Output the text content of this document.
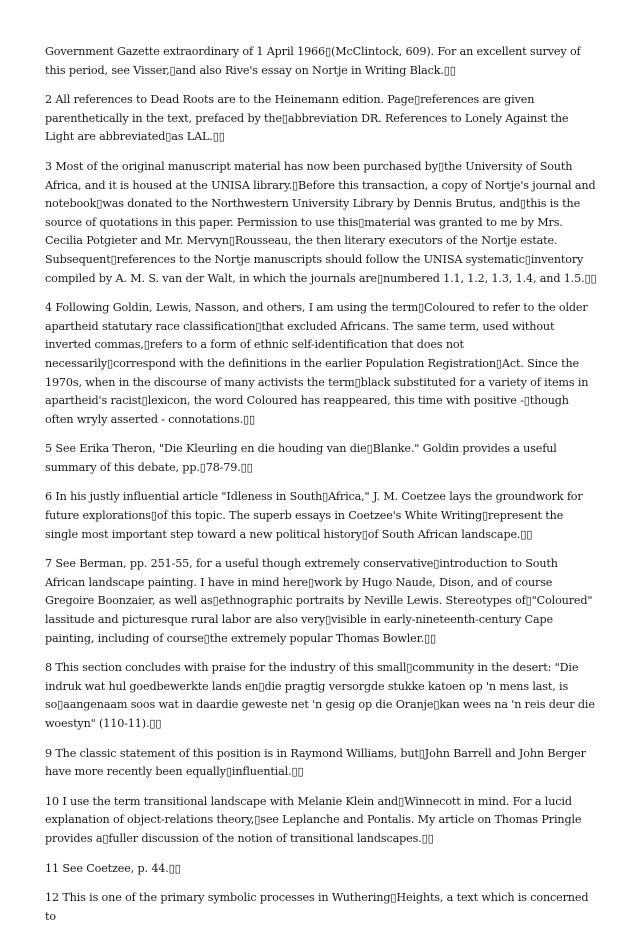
Government Gazette extraordinary of 1 April 1966▯(McClintock, 609). For an excellent survey of this period, see Visser,▯and also Rive's essay on Nortje in Writing Black.▯▯

2 All references to Dead Roots are to the Heinemann edition. Page▯references are given parenthetically in the text, prefaced by the▯abbreviation DR. References to Lonely Against the Light are abbreviated▯as LAL.▯▯

3 Most of the original manuscript material has now been purchased by▯the University of South Africa, and it is housed at the UNISA library.▯Before this transaction, a copy of Nortje's journal and notebook▯was donated to the Northwestern University Library by Dennis Brutus, and▯this is the source of quotations in this paper. Permission to use this▯material was granted to me by Mrs. Cecilia Potgieter and Mr. Mervyn▯Rousseau, the then literary executors of the Nortje estate. Subsequent▯references to the Nortje manuscripts should follow the UNISA systematic▯inventory compiled by A. M. S. van der Walt, in which the journals are▯numbered 1.1, 1.2, 1.3, 1.4, and 1.5.▯▯

4 Following Goldin, Lewis, Nasson, and others, I am using the term▯Coloured to refer to the older apartheid statutary race classification▯that excluded Africans. The same term, used without inverted commas,▯refers to a form of ethnic self-identification that does not necessarily▯correspond with the definitions in the earlier Population Registration▯Act. Since the 1970s, when in the discourse of many activists the term▯black substituted for a variety of items in apartheid's racist▯lexicon, the word Coloured has reappeared, this time with positive -▯though often wryly asserted - connotations.▯▯

5 See Erika Theron, "Die Kleurling en die houding van die▯Blanke." Goldin provides a useful summary of this debate, pp.▯78-79.▯▯

6 In his justly influential article "Idleness in South▯Africa," J. M. Coetzee lays the groundwork for future explorations▯of this topic. The superb essays in Coetzee's White Writing▯represent the single most important step toward a new political history▯of South African landscape.▯▯

7 See Berman, pp. 251-55, for a useful though extremely conservative▯introduction to South African landscape painting. I have in mind here▯work by Hugo Naude, Dison, and of course Gregoire Boonzaier, as well as▯ethnographic portraits by Neville Lewis. Stereotypes of▯"Coloured" lassitude and picturesque rural labor are also very▯visible in early-nineteenth-century Cape painting, including of course▯the extremely popular Thomas Bowler.▯▯

8 This section concludes with praise for the industry of this small▯community in the desert: "Die indruk wat hul goedbewerkte lands en▯die pragtig versorgde stukke katoen op 'n mens last, is so▯aangenaam soos wat in daardie geweste net 'n gesig op die Oranje▯kan wees na 'n reis deur die woestyn" (110-11).▯▯

9 The classic statement of this position is in Raymond Williams, but▯John Barrell and John Berger have more recently been equally▯influential.▯▯

10 I use the term transitional landscape with Melanie Klein and▯Winnecott in mind. For a lucid explanation of object-relations theory,▯see Leplanche and Pontalis. My article on Thomas Pringle provides a▯fuller discussion of the notion of transitional landscapes.▯▯

11 See Coetzee, p. 44.▯▯

12 This is one of the primary symbolic processes in Wuthering▯Heights, a text which is concerned to
